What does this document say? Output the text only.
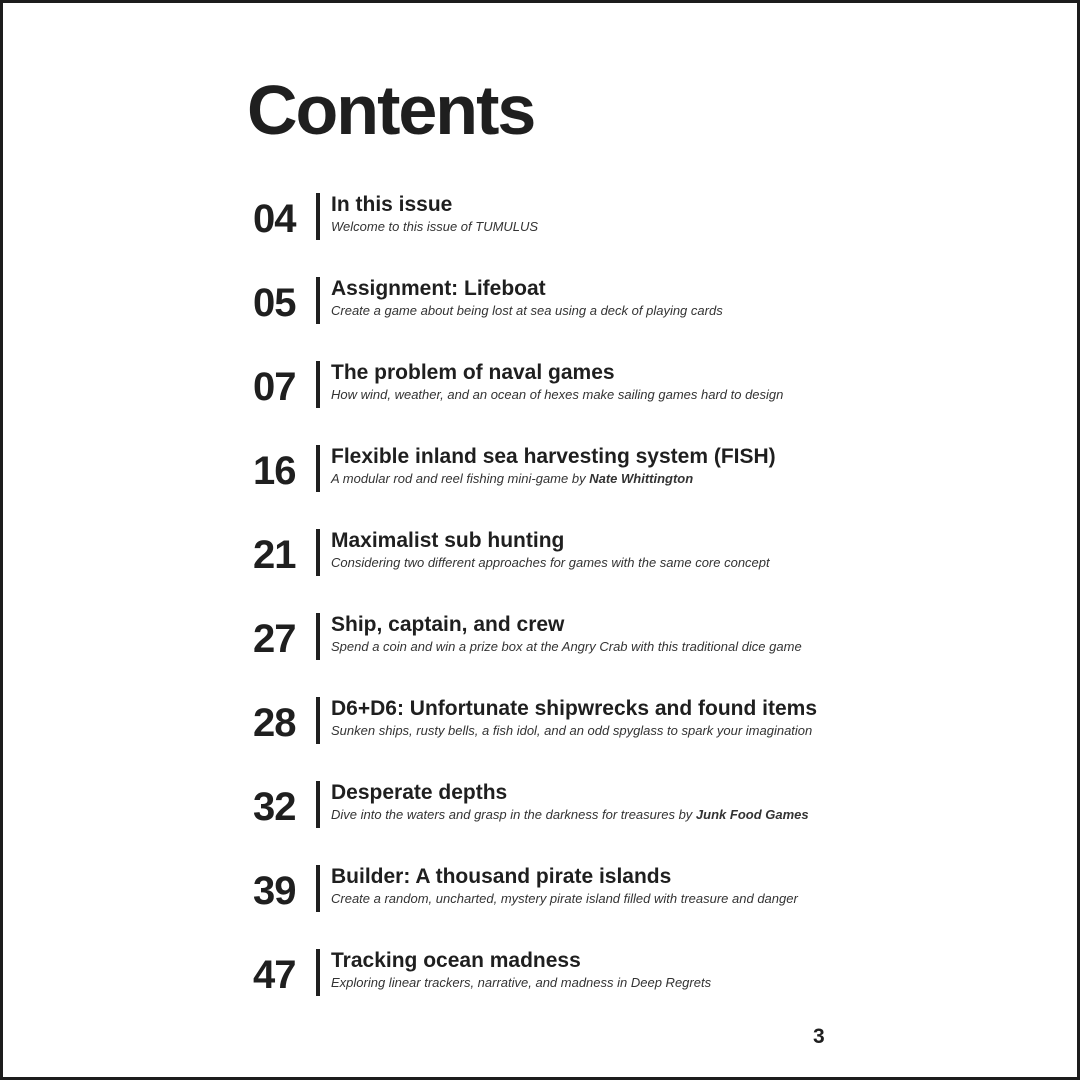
Contents
04	In this issue
Welcome to this issue of TUMULUS
05	Assignment: Lifeboat
Create a game about being lost at sea using a deck of playing cards
07	The problem of naval games
How wind, weather, and an ocean of hexes make sailing games hard to design
16	Flexible inland sea harvesting system (FISH)
A modular rod and reel fishing mini-game by Nate Whittington
21	Maximalist sub hunting
Considering two different approaches for games with the same core concept
27	Ship, captain, and crew
Spend a coin and win a prize box at the Angry Crab with this traditional dice game
28	D6+D6: Unfortunate shipwrecks and found items
Sunken ships, rusty bells, a fish idol, and an odd spyglass to spark your imagination
32	Desperate depths
Dive into the waters and grasp in the darkness for treasures by Junk Food Games
39	Builder: A thousand pirate islands
Create a random, uncharted, mystery pirate island filled with treasure and danger
47	Tracking ocean madness
Exploring linear trackers, narrative, and madness in Deep Regrets
3
